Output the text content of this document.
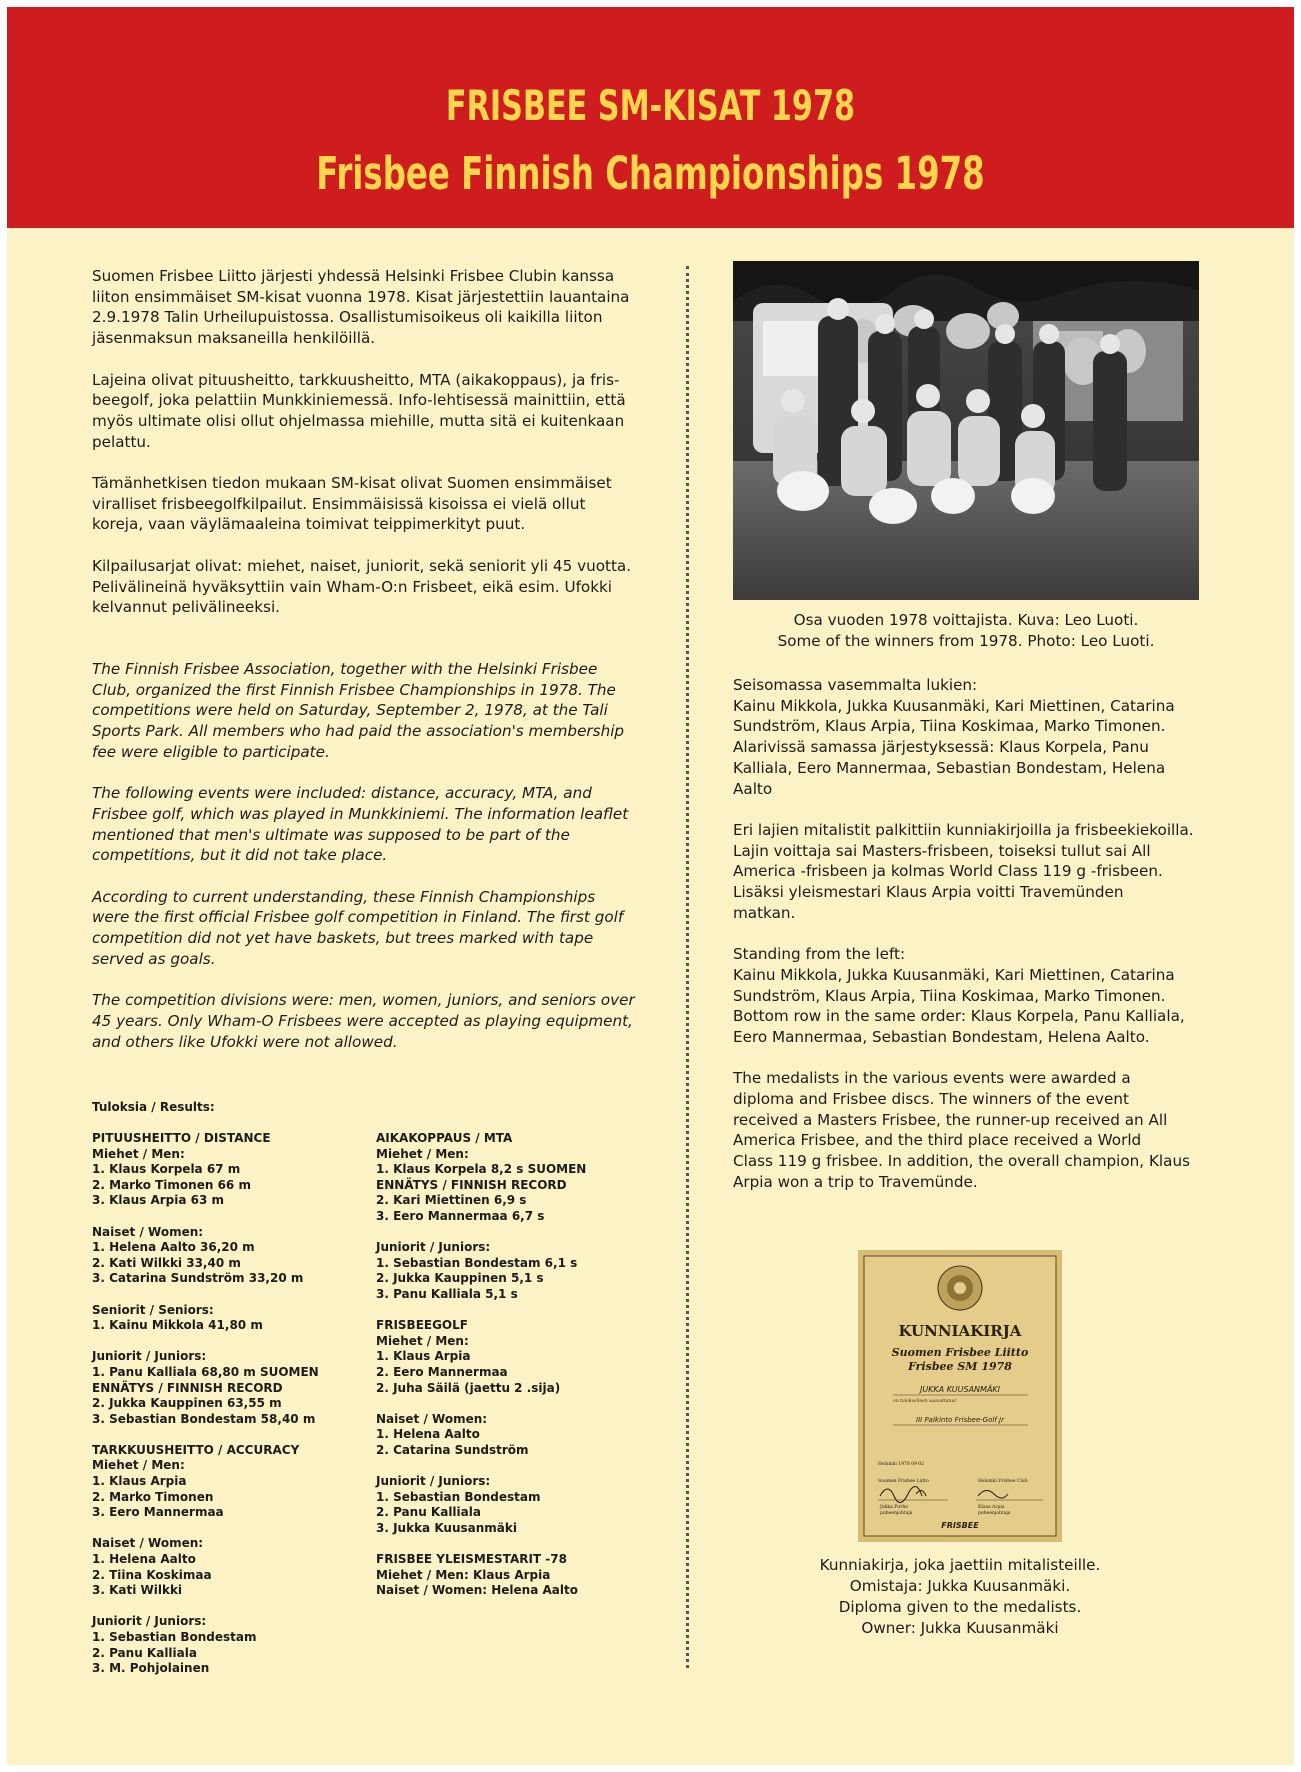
FRISBEE SM-KISAT 1978
Frisbee Finnish Championships 1978

Suomen Frisbee Liitto järjesti yhdessä Helsinki Frisbee Clubin kanssa
liiton ensimmäiset SM-kisat vuonna 1978. Kisat järjestettiin lauantaina
2.9.1978 Talin Urheilupuistossa. Osallistumisoikeus oli kaikilla liiton
jäsenmaksun maksaneilla henkilöillä.

Lajeina olivat pituusheitto, tarkkuusheitto, MTA (aikakoppaus), ja fris-
beegolf, joka pelattiin Munkkiniemessä. Info-lehtisessä mainittiin, että
myös ultimate olisi ollut ohjelmassa miehille, mutta sitä ei kuitenkaan
pelattu.

Tämänhetkisen tiedon mukaan SM-kisat olivat Suomen ensimmäiset
viralliset frisbeegolfkilpailut. Ensimmäisissä kisoissa ei vielä ollut
koreja, vaan väylämaaleina toimivat teippimerkityt puut.

Kilpailusarjat olivat: miehet, naiset, juniorit, sekä seniorit yli 45 vuotta.
Pelivälineinä hyväksyttiin vain Wham-O:n Frisbeet, eikä esim. Ufokki
kelvannut pelivälineeksi.

The Finnish Frisbee Association, together with the Helsinki Frisbee
Club, organized the first Finnish Frisbee Championships in 1978. The
competitions were held on Saturday, September 2, 1978, at the Tali
Sports Park. All members who had paid the association's membership
fee were eligible to participate.

The following events were included: distance, accuracy, MTA, and
Frisbee golf, which was played in Munkkiniemi. The information leaflet
mentioned that men's ultimate was supposed to be part of the
competitions, but it did not take place.

According to current understanding, these Finnish Championships
were the first official Frisbee golf competition in Finland. The first golf
competition did not yet have baskets, but trees marked with tape
served as goals.

The competition divisions were: men, women, juniors, and seniors over
45 years. Only Wham-O Frisbees were accepted as playing equipment,
and others like Ufokki were not allowed.

Tuloksia / Results:

PITUUSHEITTO / DISTANCE
Miehet / Men:
1. Klaus Korpela 67 m
2. Marko Timonen 66 m
3. Klaus Arpia 63 m

Naiset / Women:
1. Helena Aalto 36,20 m
2. Kati Wilkki 33,40 m
3. Catarina Sundström 33,20 m

Seniorit / Seniors:
1. Kainu Mikkola 41,80 m

Juniorit / Juniors:
1. Panu Kalliala 68,80 m SUOMEN
ENNÄTYS / FINNISH RECORD
2. Jukka Kauppinen 63,55 m
3. Sebastian Bondestam 58,40 m

TARKKUUSHEITTO / ACCURACY
Miehet / Men:
1. Klaus Arpia
2. Marko Timonen
3. Eero Mannermaa

Naiset / Women:
1. Helena Aalto
2. Tiina Koskimaa
3. Kati Wilkki

Juniorit / Juniors:
1. Sebastian Bondestam
2. Panu Kalliala
3. M. Pohjolainen

AIKAKOPPAUS / MTA
Miehet / Men:
1. Klaus Korpela 8,2 s SUOMEN
ENNÄTYS / FINNISH RECORD
2. Kari Miettinen 6,9 s
3. Eero Mannermaa 6,7 s

Juniorit / Juniors:
1. Sebastian Bondestam 6,1 s
2. Jukka Kauppinen 5,1 s
3. Panu Kalliala 5,1 s

FRISBEEGOLF
Miehet / Men:
1. Klaus Arpia
2. Eero Mannermaa
2. Juha Säilä (jaettu 2 .sija)

Naiset / Women:
1. Helena Aalto
2. Catarina Sundström

Juniorit / Juniors:
1. Sebastian Bondestam
2. Panu Kalliala
3. Jukka Kuusanmäki

FRISBEE YLEISMESTARIT -78
Miehet / Men: Klaus Arpia
Naiset / Women: Helena Aalto

Osa vuoden 1978 voittajista. Kuva: Leo Luoti.
Some of the winners from 1978. Photo: Leo Luoti.

Seisomassa vasemmalta lukien:
Kainu Mikkola, Jukka Kuusanmäki, Kari Miettinen, Catarina
Sundström, Klaus Arpia, Tiina Koskimaa, Marko Timonen.
Alarivissä samassa järjestyksessä: Klaus Korpela, Panu
Kalliala, Eero Mannermaa, Sebastian Bondestam, Helena
Aalto

Eri lajien mitalistit palkittiin kunniakirjoilla ja frisbeekiekoilla.
Lajin voittaja sai Masters-frisbeen, toiseksi tullut sai All
America -frisbeen ja kolmas World Class 119 g -frisbeen.
Lisäksi yleismestari Klaus Arpia voitti Travemünden
matkan.

Standing from the left:
Kainu Mikkola, Jukka Kuusanmäki, Kari Miettinen, Catarina
Sundström, Klaus Arpia, Tiina Koskimaa, Marko Timonen.
Bottom row in the same order: Klaus Korpela, Panu Kalliala,
Eero Mannermaa, Sebastian Bondestam, Helena Aalto.

The medalists in the various events were awarded a
diploma and Frisbee discs. The winners of the event
received a Masters Frisbee, the runner-up received an All
America Frisbee, and the third place received a World
Class 119 g frisbee. In addition, the overall champion, Klaus
Arpia won a trip to Travemünde.

KUNNIAKIRJA
Suomen Frisbee Liitto
Frisbee SM 1978
JUKKA KUUSANMÄKI
on tulokselleen saavuttanut
III Palkinto Frisbee-Golf Jr
Helsinki 1978 09 02
Suomen Frisbee Liitto	Helsinki Frisbee Club
Jukka Purho
puheenjohtaja
Klaus Arpia
puheenjohtaja
FRISBEE
Kunniakirja, joka jaettiin mitalisteille.
Omistaja: Jukka Kuusanmäki.
Diploma given to the medalists.
Owner: Jukka Kuusanmäki
